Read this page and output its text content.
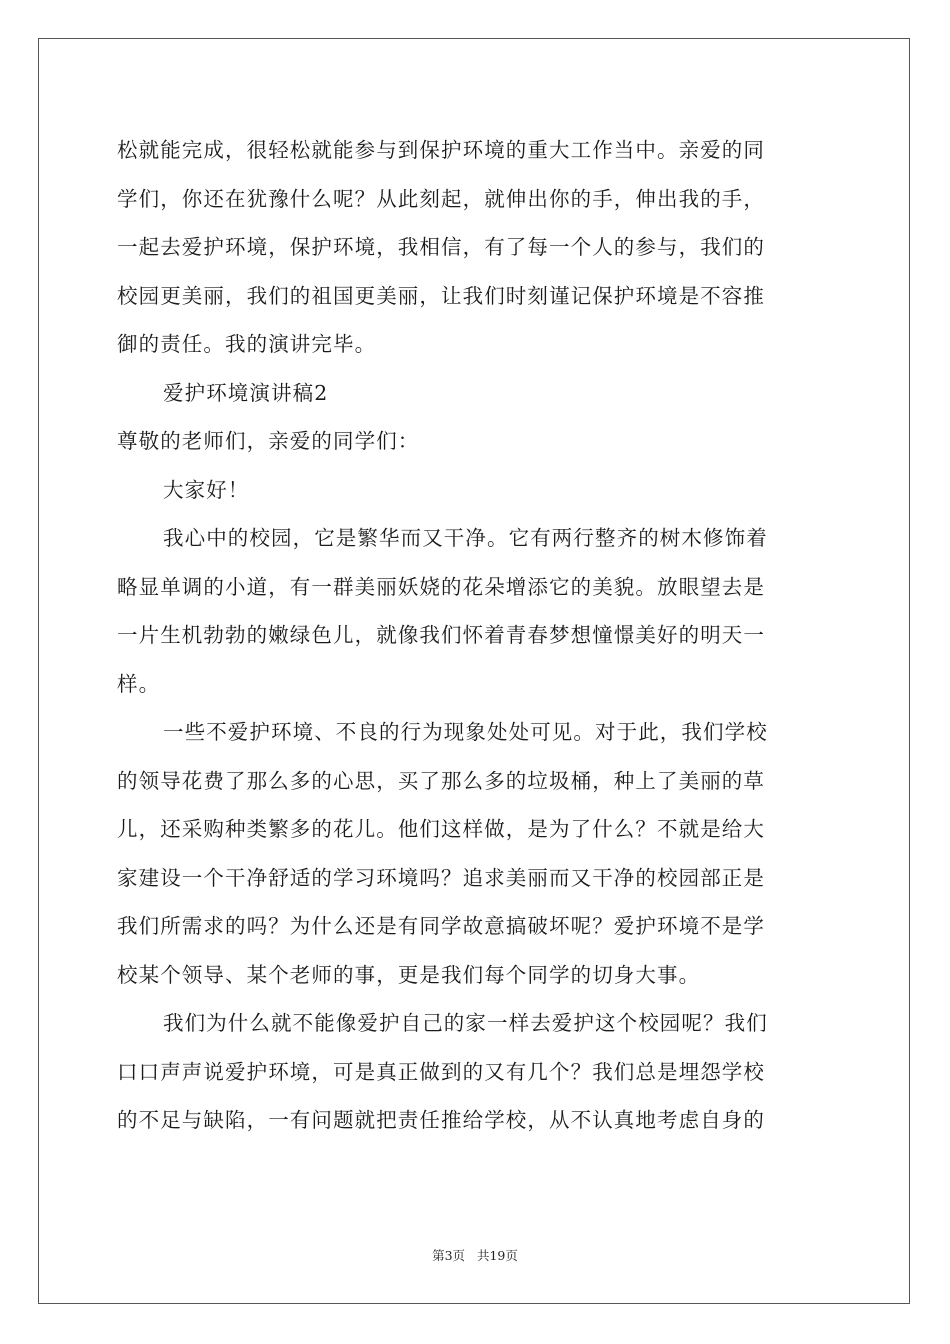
松就能完成，很轻松就能参与到保护环境的重大工作当中。亲爱的同
学们，你还在犹豫什么呢？从此刻起，就伸出你的手，伸出我的手，
一起去爱护环境，保护环境，我相信，有了每一个人的参与，我们的
校园更美丽，我们的祖国更美丽，让我们时刻谨记保护环境是不容推
御的责任。我的演讲完毕。
爱护环境演讲稿2
尊敬的老师们，亲爱的同学们：
大家好！
我心中的校园，它是繁华而又干净。它有两行整齐的树木修饰着
略显单调的小道，有一群美丽妖娆的花朵增添它的美貌。放眼望去是
一片生机勃勃的嫩绿色儿，就像我们怀着青春梦想憧憬美好的明天一
样。
一些不爱护环境、不良的行为现象处处可见。对于此，我们学校
的领导花费了那么多的心思，买了那么多的垃圾桶，种上了美丽的草
儿，还采购种类繁多的花儿。他们这样做，是为了什么？不就是给大
家建设一个干净舒适的学习环境吗？追求美丽而又干净的校园部正是
我们所需求的吗？为什么还是有同学故意搞破坏呢？爱护环境不是学
校某个领导、某个老师的事，更是我们每个同学的切身大事。
我们为什么就不能像爱护自己的家一样去爱护这个校园呢？我们
口口声声说爱护环境，可是真正做到的又有几个？我们总是埋怨学校
的不足与缺陷，一有问题就把责任推给学校，从不认真地考虑自身的
第3页   共19页
